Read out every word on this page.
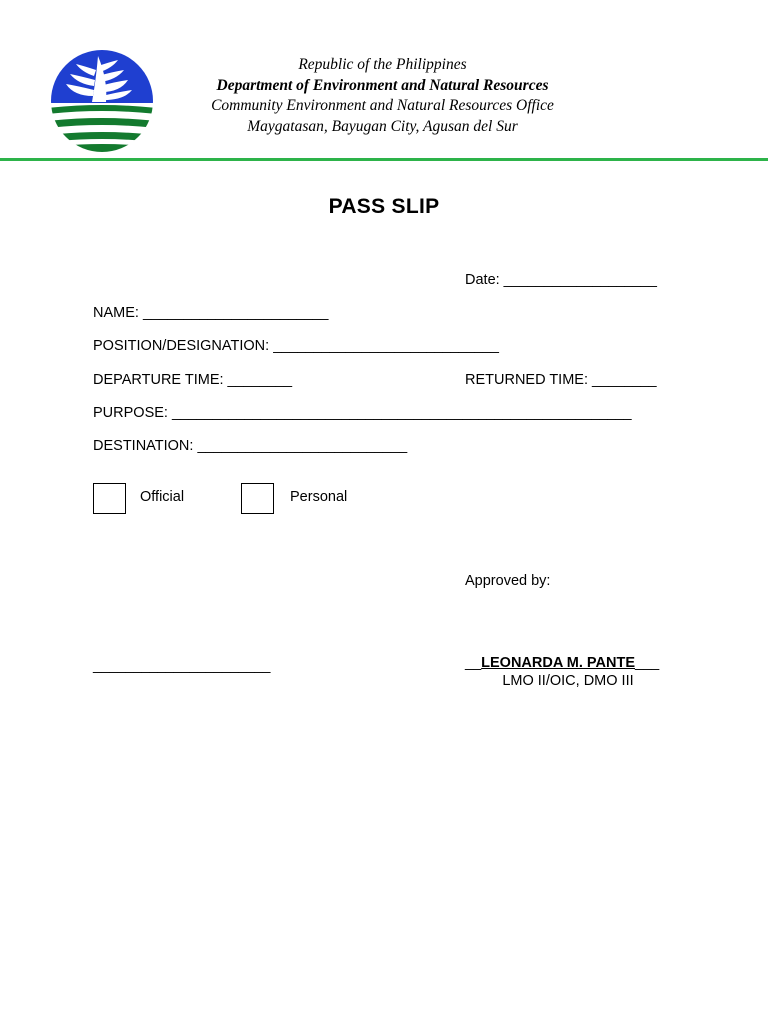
Republic of the Philippines
Department of Environment and Natural Resources
Community Environment and Natural Resources Office
Maygatasan, Bayugan City, Agusan del Sur
PASS SLIP
Date: ___________________
NAME: _______________________
POSITION/DESIGNATION: ____________________________
DEPARTURE TIME: ________	RETURNED TIME: ________
PURPOSE: _________________________________________________________
DESTINATION: __________________________
Official	Personal
Approved by:
______________________	__LEONARDA M. PANTE___
LMO II/OIC, DMO III
